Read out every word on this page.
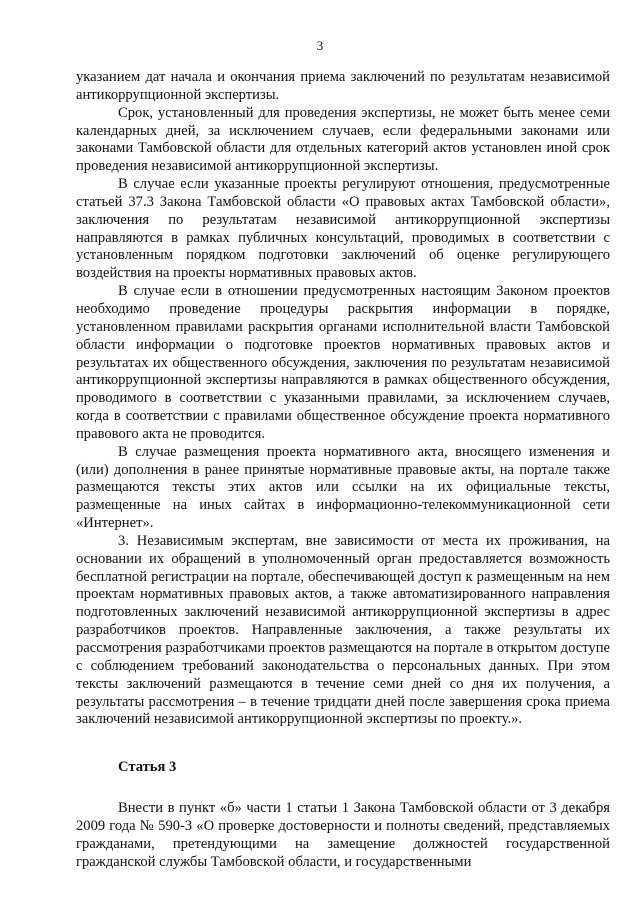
3

указанием дат начала и окончания приема заключений по результатам независимой антикоррупционной экспертизы.

Срок, установленный для проведения экспертизы, не может быть менее семи календарных дней, за исключением случаев, если федеральными законами или законами Тамбовской области для отдельных категорий актов установлен иной срок проведения независимой антикоррупционной экспертизы.

В случае если указанные проекты регулируют отношения, предусмотренные статьей 37.3 Закона Тамбовской области «О правовых актах Тамбовской области», заключения по результатам независимой антикоррупционной экспертизы направляются в рамках публичных консультаций, проводимых в соответствии с установленным порядком подготовки заключений об оценке регулирующего воздействия на проекты нормативных правовых актов.

В случае если в отношении предусмотренных настоящим Законом проектов необходимо проведение процедуры раскрытия информации в порядке, установленном правилами раскрытия органами исполнительной власти Тамбовской области информации о подготовке проектов нормативных правовых актов и результатах их общественного обсуждения, заключения по результатам независимой антикоррупционной экспертизы направляются в рамках общественного обсуждения, проводимого в соответствии с указанными правилами, за исключением случаев, когда в соответствии с правилами общественное обсуждение проекта нормативного правового акта не проводится.

В случае размещения проекта нормативного акта, вносящего изменения и (или) дополнения в ранее принятые нормативные правовые акты, на портале также размещаются тексты этих актов или ссылки на их официальные тексты, размещенные на иных сайтах в информационно-телекоммуникационной сети «Интернет».

3. Независимым экспертам, вне зависимости от места их проживания, на основании их обращений в уполномоченный орган предоставляется возможность бесплатной регистрации на портале, обеспечивающей доступ к размещенным на нем проектам нормативных правовых актов, а также автоматизированного направления подготовленных заключений независимой антикоррупционной экспертизы в адрес разработчиков проектов. Направленные заключения, а также результаты их рассмотрения разработчиками проектов размещаются на портале в открытом доступе с соблюдением требований законодательства о персональных данных. При этом тексты заключений размещаются в течение семи дней со дня их получения, а результаты рассмотрения – в течение тридцати дней после завершения срока приема заключений независимой антикоррупционной экспертизы по проекту.».

Статья 3

Внести в пункт «б» части 1 статьи 1 Закона Тамбовской области от 3 декабря 2009 года № 590-З «О проверке достоверности и полноты сведений, представляемых гражданами, претендующими на замещение должностей государственной гражданской службы Тамбовской области, и государственными
